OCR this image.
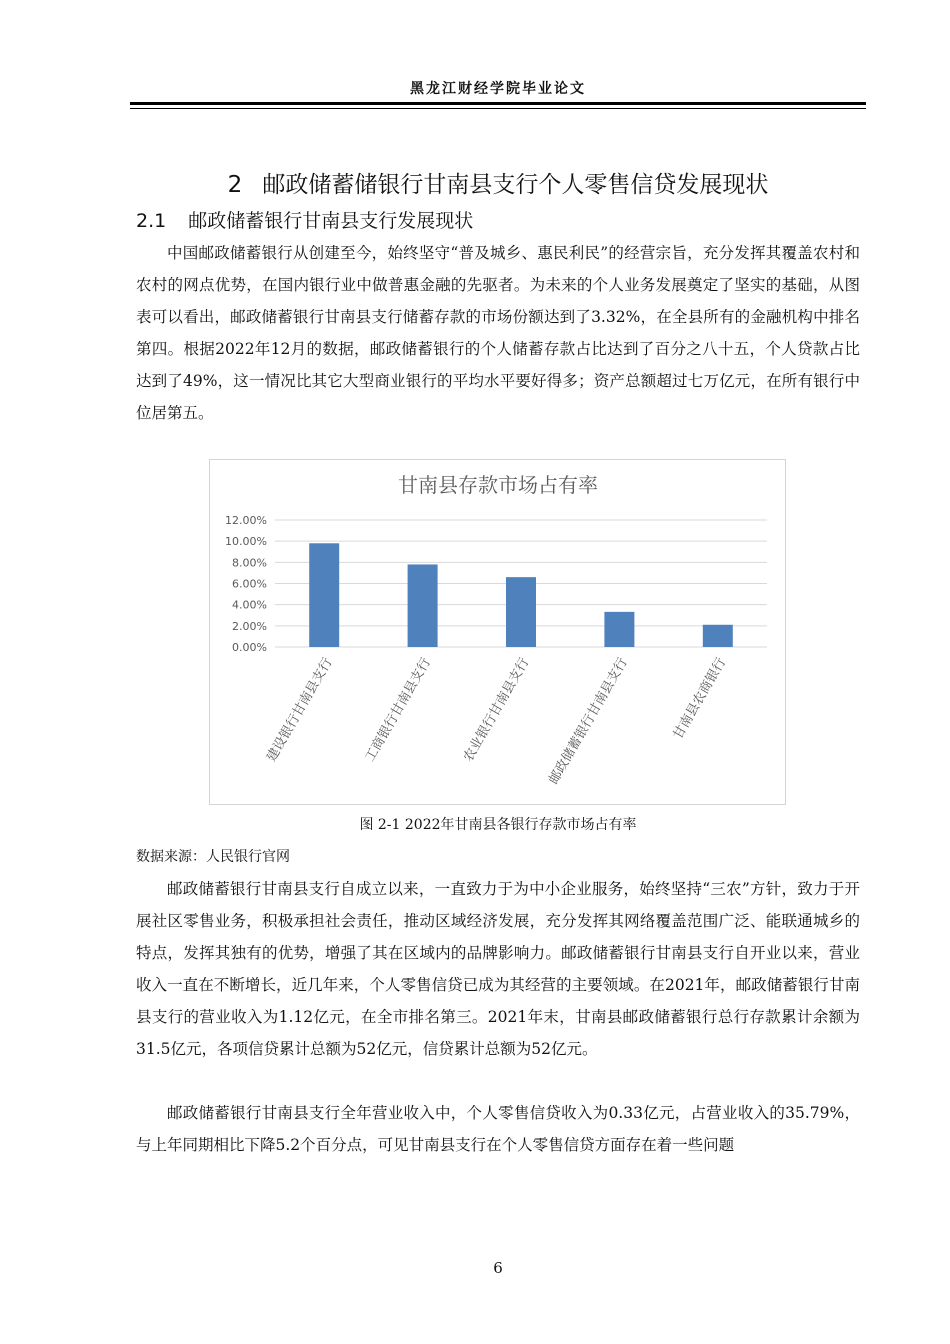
黑龙江财经学院毕业论文
2 邮政储蓄储银行甘南县支行个人零售信贷发展现状
2.1 邮政储蓄银行甘南县支行发展现状

中国邮政储蓄银行从创建至今，始终坚守“普及城乡、惠民利民”的经营宗旨，充分发挥其覆盖农村和农村的网点优势，在国内银行业中做普惠金融的先驱者。为未来的个人业务发展奠定了坚实的基础，从图表可以看出，邮政储蓄银行甘南县支行储蓄存款的市场份额达到了3.32%，在全县所有的金融机构中排名第四。根据2022年12月的数据，邮政储蓄银行的个人储蓄存款占比达到了百分之八十五，个人贷款占比达到了49%，这一情况比其它大型商业银行的平均水平要好得多；资产总额超过七万亿元，在所有银行中位居第五。

甘南县存款市场占有率
0.00%
2.00%
4.00%
6.00%
8.00%
10.00%
12.00%
建设银行甘南县支行 工商银行甘南县支行 农业银行甘南县支行 邮政储蓄银行甘南县支行	甘南县农商银行
图 2-1 2022年甘南县各银行存款市场占有率
数据来源：人民银行官网

邮政储蓄银行甘南县支行自成立以来，一直致力于为中小企业服务，始终坚持“三农”方针，致力于开展社区零售业务，积极承担社会责任，推动区域经济发展，充分发挥其网络覆盖范围广泛、能联通城乡的特点，发挥其独有的优势，增强了其在区域内的品牌影响力。邮政储蓄银行甘南县支行自开业以来，营业收入一直在不断增长，近几年来，个人零售信贷已成为其经营的主要领域。在2021年，邮政储蓄银行甘南县支行的营业收入为1.12亿元，在全市排名第三。2021年末，甘南县邮政储蓄银行总行存款累计余额为31.5亿元，各项信贷累计总额为52亿元，信贷累计总额为52亿元。

邮政储蓄银行甘南县支行全年营业收入中，个人零售信贷收入为0.33亿元，占营业收入的35.79%，与上年同期相比下降5.2个百分点，可见甘南县支行在个人零售信贷方面存在着一些问题

6
